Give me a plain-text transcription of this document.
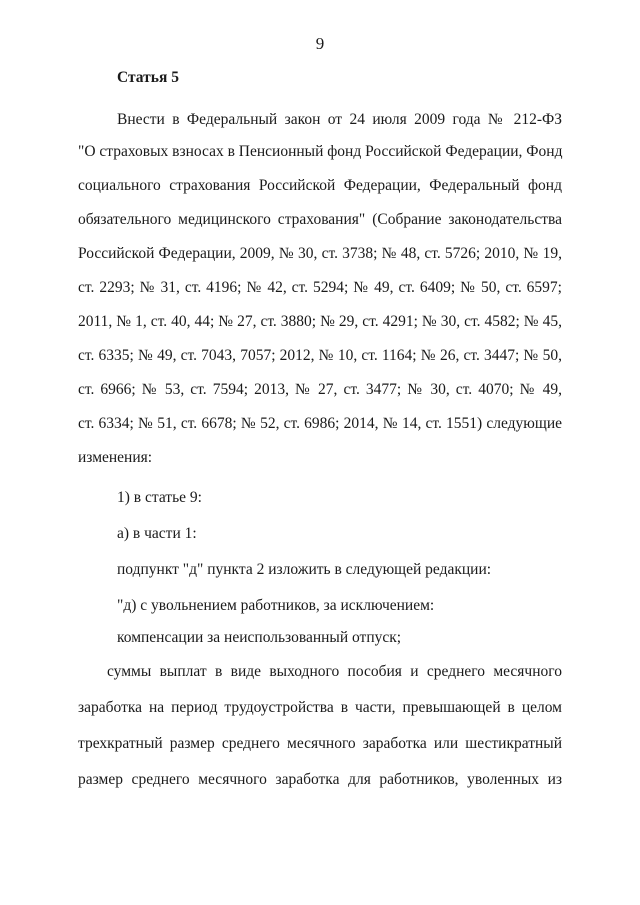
9
Статья 5
Внести в Федеральный закон от 24 июля 2009 года № 212-ФЗ
"О страховых взносах в Пенсионный фонд Российской Федерации, Фонд
социального страхования Российской Федерации, Федеральный фонд
обязательного медицинского страхования" (Собрание законодательства
Российской Федерации, 2009, № 30, ст. 3738; № 48, ст. 5726; 2010, № 19,
ст. 2293; № 31, ст. 4196; № 42, ст. 5294; № 49, ст. 6409; № 50, ст. 6597;
2011, № 1, ст. 40, 44; № 27, ст. 3880; № 29, ст. 4291; № 30, ст. 4582; № 45,
ст. 6335; № 49, ст. 7043, 7057; 2012, № 10, ст. 1164; № 26, ст. 3447; № 50,
ст. 6966; № 53, ст. 7594; 2013, № 27, ст. 3477; № 30, ст. 4070; № 49,
ст. 6334; № 51, ст. 6678; № 52, ст. 6986; 2014, № 14, ст. 1551) следующие
изменения:
1) в статье 9:
а) в части 1:
подпункт "д" пункта 2 изложить в следующей редакции:
"д) с увольнением работников, за исключением:
компенсации за неиспользованный отпуск;
суммы выплат в виде выходного пособия и среднего месячного
заработка на период трудоустройства в части, превышающей в целом
трехкратный размер среднего месячного заработка или шестикратный
размер среднего месячного заработка для работников, уволенных из
